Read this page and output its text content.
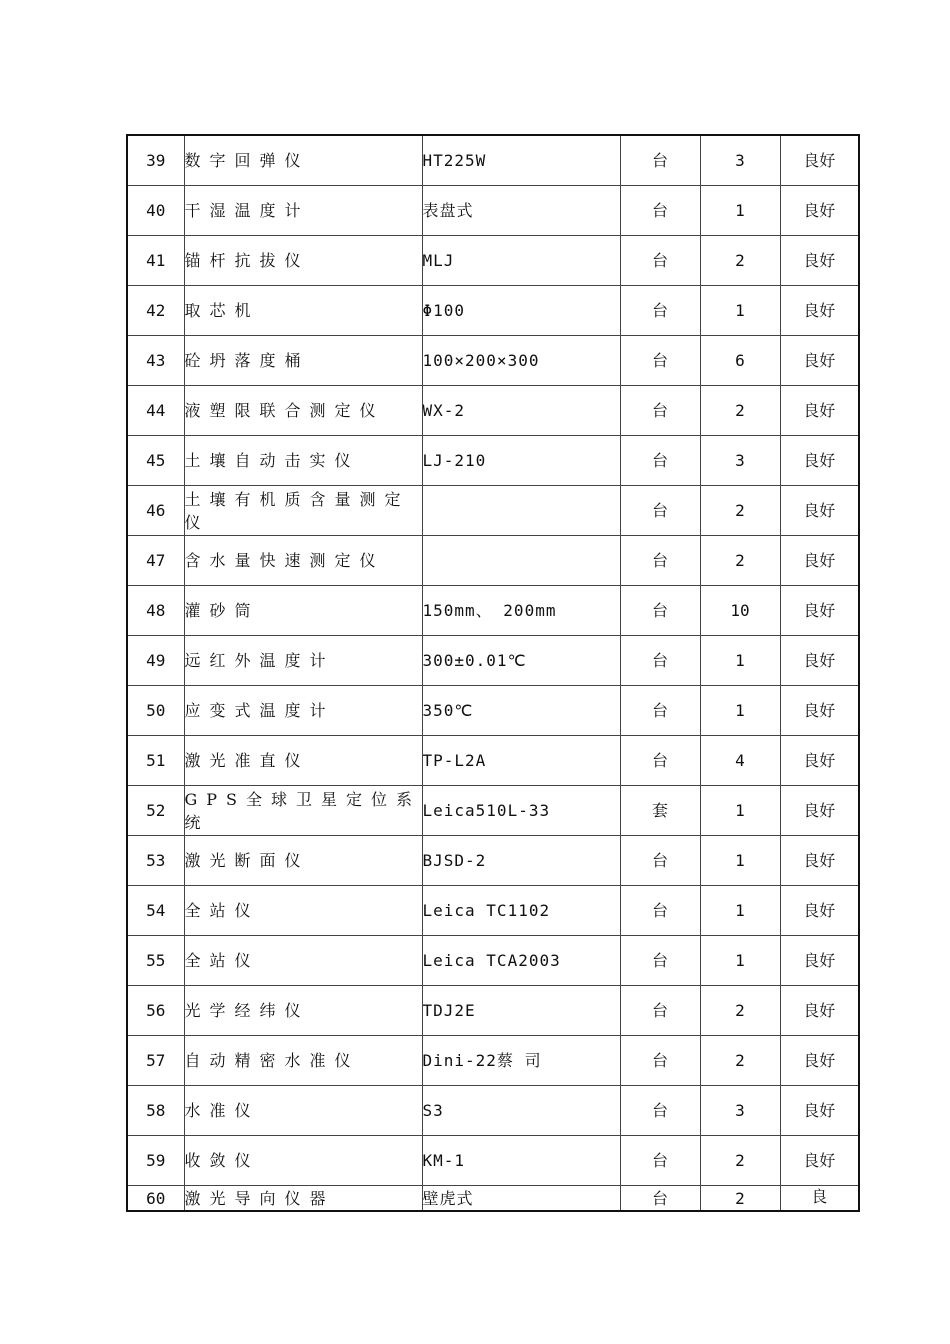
39	数字回弹仪	HT225W	台	3	良好
40	干湿温度计	表盘式	台	1	良好
41	锚杆抗拔仪	MLJ	台	2	良好
42	取芯机	Φ100	台	1	良好
43	砼坍落度桶	100×200×300	台	6	良好
44	液塑限联合测定仪	WX-2	台	2	良好
45	土壤自动击实仪	LJ-210	台	3	良好
46	土壤有机质含量测定仪		台	2	良好
47	含水量快速测定仪		台	2	良好
48	灌砂筒	150mm、 200mm	台	10	良好
49	远红外温度计	300±0.01℃	台	1	良好
50	应变式温度计	350℃	台	1	良好
51	激光准直仪	TP-L2A	台	4	良好
52	GPS全球卫星定位系统	Leica510L-33	套	1	良好
53	激光断面仪	BJSD-2	台	1	良好
54	全站仪	Leica TC1102	台	1	良好
55	全站仪	Leica TCA2003	台	1	良好
56	光学经纬仪	TDJ2E	台	2	良好
57	自动精密水准仪	Dini-22蔡 司	台	2	良好
58	水准仪	S3	台	3	良好
59	收敛仪	KM-1	台	2	良好
60	激光导向仪器	壁虎式	台	2	良
